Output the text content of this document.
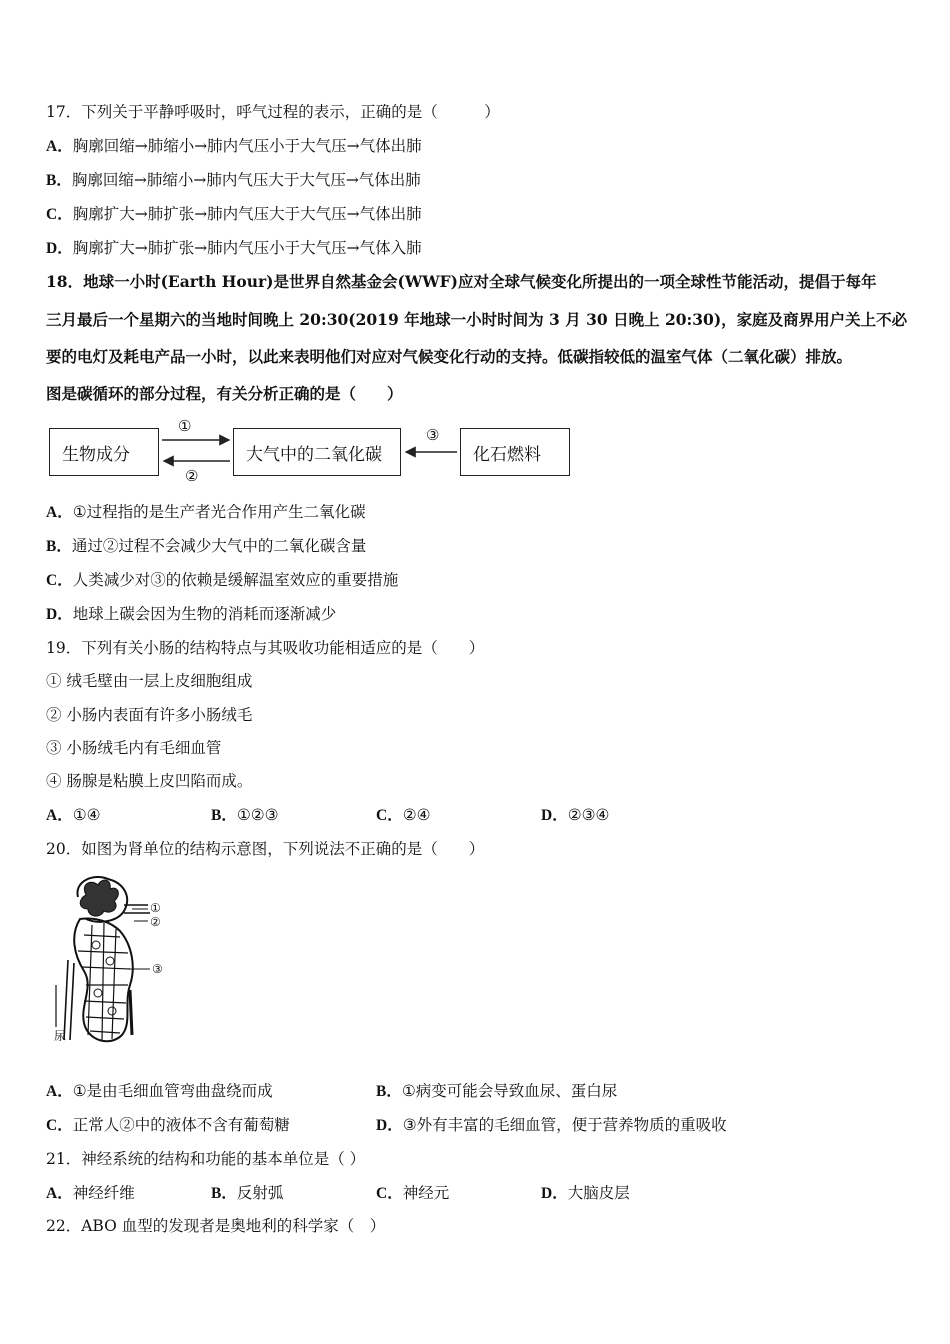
17．下列关于平静呼吸时，呼气过程的表示，正确的是（　　　）
A．胸廓回缩→肺缩小→肺内气压小于大气压→气体出肺
B．胸廓回缩→肺缩小→肺内气压大于大气压→气体出肺
C．胸廓扩大→肺扩张→肺内气压大于大气压→气体出肺
D．胸廓扩大→肺扩张→肺内气压小于大气压→气体入肺
18．地球一小时(Earth Hour)是世界自然基金会(WWF)应对全球气候变化所提出的一项全球性节能活动，提倡于每年
三月最后一个星期六的当地时间晚上 20:30(2019 年地球一小时时间为 3 月 30 日晚上 20:30)，家庭及商界用户关上不必
要的电灯及耗电产品一小时，以此来表明他们对应对气候变化行动的支持。低碳指较低的温室气体（二氧化碳）排放。
图是碳循环的部分过程，有关分析正确的是（　　）
生物成分	大气中的二氧化碳	化石燃料
①
②
③
A．①过程指的是生产者光合作用产生二氧化碳
B．通过②过程不会减少大气中的二氧化碳含量
C．人类减少对③的依赖是缓解温室效应的重要措施
D．地球上碳会因为生物的消耗而逐渐减少
19．下列有关小肠的结构特点与其吸收功能相适应的是（　　）
① 绒毛壁由一层上皮细胞组成
② 小肠内表面有许多小肠绒毛
③ 小肠绒毛内有毛细血管
④ 肠腺是粘膜上皮凹陷而成。
A．①④	B．①②③	C．②④	D．②③④
20．如图为肾单位的结构示意图，下列说法不正确的是（　　）
①
②
③
尿
A．①是由毛细血管弯曲盘绕而成	B．①病变可能会导致血尿、蛋白尿
C．正常人②中的液体不含有葡萄糖	D．③外有丰富的毛细血管，便于营养物质的重吸收
21．神经系统的结构和功能的基本单位是（ ）
A．神经纤维	B．反射弧	C．神经元	D．大脑皮层
22．ABO 血型的发现者是奥地利的科学家（　）
